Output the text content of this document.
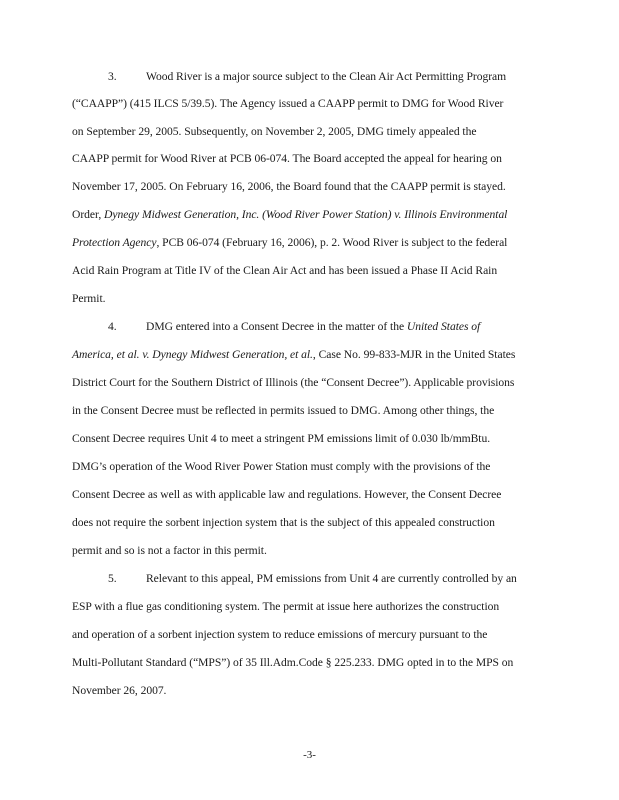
3.	Wood River is a major source subject to the Clean Air Act Permitting Program
(“CAAPP”) (415 ILCS 5/39.5). The Agency issued a CAAPP permit to DMG for Wood River
on September 29, 2005. Subsequently, on November 2, 2005, DMG timely appealed the
CAAPP permit for Wood River at PCB 06-074. The Board accepted the appeal for hearing on
November 17, 2005. On February 16, 2006, the Board found that the CAAPP permit is stayed.
Order, Dynegy Midwest Generation, Inc. (Wood River Power Station) v. Illinois Environmental
Protection Agency, PCB 06-074 (February 16, 2006), p. 2. Wood River is subject to the federal
Acid Rain Program at Title IV of the Clean Air Act and has been issued a Phase II Acid Rain
Permit.
4.	DMG entered into a Consent Decree in the matter of the United States of
America, et al. v. Dynegy Midwest Generation, et al., Case No. 99-833-MJR in the United States
District Court for the Southern District of Illinois (the “Consent Decree”). Applicable provisions
in the Consent Decree must be reflected in permits issued to DMG. Among other things, the
Consent Decree requires Unit 4 to meet a stringent PM emissions limit of 0.030 lb/mmBtu.
DMG’s operation of the Wood River Power Station must comply with the provisions of the
Consent Decree as well as with applicable law and regulations. However, the Consent Decree
does not require the sorbent injection system that is the subject of this appealed construction
permit and so is not a factor in this permit.
5.	Relevant to this appeal, PM emissions from Unit 4 are currently controlled by an
ESP with a flue gas conditioning system. The permit at issue here authorizes the construction
and operation of a sorbent injection system to reduce emissions of mercury pursuant to the
Multi-Pollutant Standard (“MPS”) of 35 Ill.Adm.Code § 225.233. DMG opted in to the MPS on
November 26, 2007.
-3-
